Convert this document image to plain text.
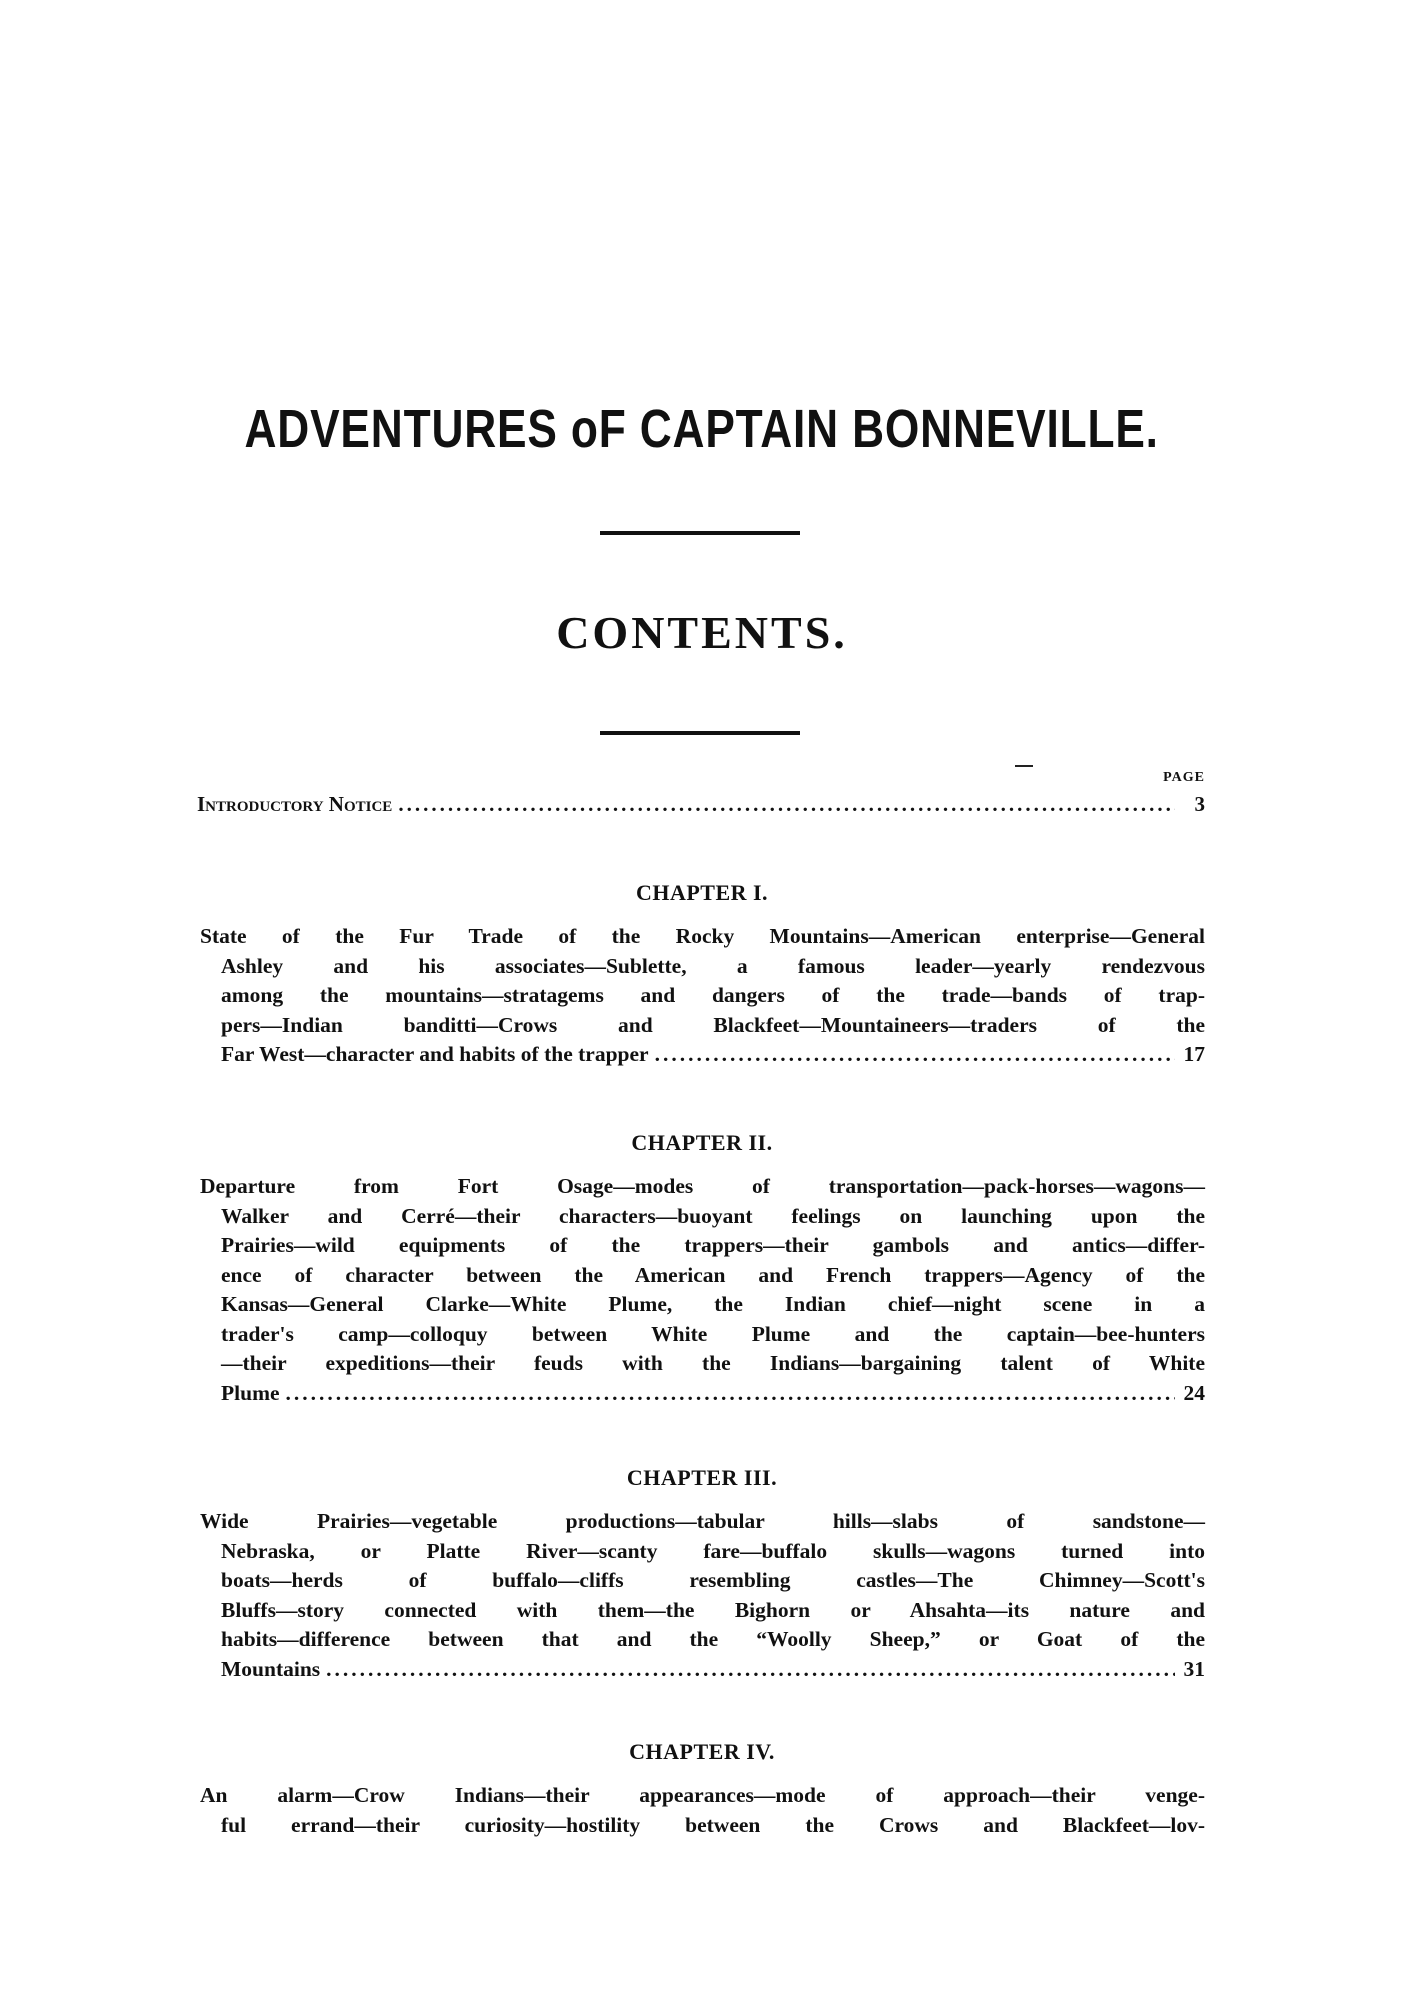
ADVENTURES oF CAPTAIN BONNEVILLE.
CONTENTS.
PAGE
Introductory Notice .....	3
CHAPTER I.
State of the Fur Trade of the Rocky Mountains—American enterprise—General
Ashley and his associates—Sublette, a famous leader—yearly rendezvous
among the mountains—stratagems and dangers of the trade—bands of trap-
pers—Indian banditti—Crows and Blackfeet—Mountaineers—traders of the
Far West—character and habits of the trapper .....	17
CHAPTER II.
Departure from Fort Osage—modes of transportation—pack-horses—wagons—
Walker and Cerré—their characters—buoyant feelings on launching upon the
Prairies—wild equipments of the trappers—their gambols and antics—differ-
ence of character between the American and French trappers—Agency of the
Kansas—General Clarke—White Plume, the Indian chief—night scene in a
trader's camp—colloquy between White Plume and the captain—bee-hunters
—their expeditions—their feuds with the Indians—bargaining talent of White
Plume .....	24
CHAPTER III.
Wide Prairies—vegetable productions—tabular hills—slabs of sandstone—
Nebraska, or Platte River—scanty fare—buffalo skulls—wagons turned into
boats—herds of buffalo—cliffs resembling castles—The Chimney—Scott's
Bluffs—story connected with them—the Bighorn or Ahsahta—its nature and
habits—difference between that and the “Woolly Sheep,” or Goat of the
Mountains .....	31
CHAPTER IV.
An alarm—Crow Indians—their appearances—mode of approach—their venge-
ful errand—their curiosity—hostility between the Crows and Blackfeet—lov-
